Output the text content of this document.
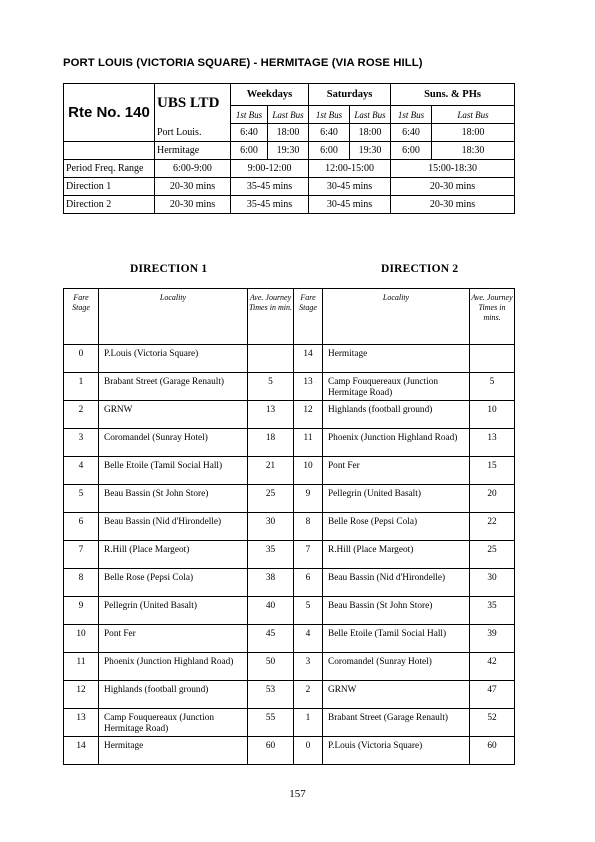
PORT LOUIS (VICTORIA SQUARE) - HERMITAGE (VIA ROSE HILL)
Rte No. 140	UBS LTD	Weekdays		Saturdays		Suns. & PHs	
		1st Bus	Last Bus	1st Bus	Last Bus	1st Bus	Last Bus
	Port Louis.	6:40	18:00	6:40	18:00	6:40	18:00
	Hermitage	6:00	19:30	6:00	19:30	6:00	18:30
Period Freq. Range	6:00-9:00	9:00-12:00		12:00-15:00		15:00-18:30	
Direction 1	20-30 mins	35-45 mins		30-45 mins		20-30 mins	
Direction 2	20-30 mins	35-45 mins		30-45 mins		20-30 mins	
DIRECTION 1	DIRECTION 2
Fare Stage	Locality	Ave. Journey Times in min.	Fare Stage	Locality	Ave. Journey Times in mins.
0	P.Louis (Victoria Square)		14	Hermitage	
1	Brabant Street (Garage Renault)	5	13	Camp Fouquereaux (Junction Hermitage Road)	5
2	GRNW	13	12	Highlands (football ground)	10
3	Coromandel (Sunray Hotel)	18	11	Phoenix (Junction Highland Road)	13
4	Belle Etoile (Tamil Social Hall)	21	10	Pont Fer	15
5	Beau Bassin (St John Store)	25	9	Pellegrin (United Basalt)	20
6	Beau Bassin (Nid d'Hirondelle)	30	8	Belle Rose (Pepsi Cola)	22
7	R.Hill (Place Margeot)	35	7	R.Hill (Place Margeot)	25
8	Belle Rose (Pepsi Cola)	38	6	Beau Bassin (Nid d'Hirondelle)	30
9	Pellegrin (United Basalt)	40	5	Beau Bassin (St John Store)	35
10	Pont Fer	45	4	Belle Etoile (Tamil Social Hall)	39
11	Phoenix (Junction Highland Road)	50	3	Coromandel (Sunray Hotel)	42
12	Highlands (football ground)	53	2	GRNW	47
13	Camp Fouquereaux (Junction Hermitage Road)	55	1	Brabant Street (Garage Renault)	52
14	Hermitage	60	0	P.Louis (Victoria Square)	60
157
